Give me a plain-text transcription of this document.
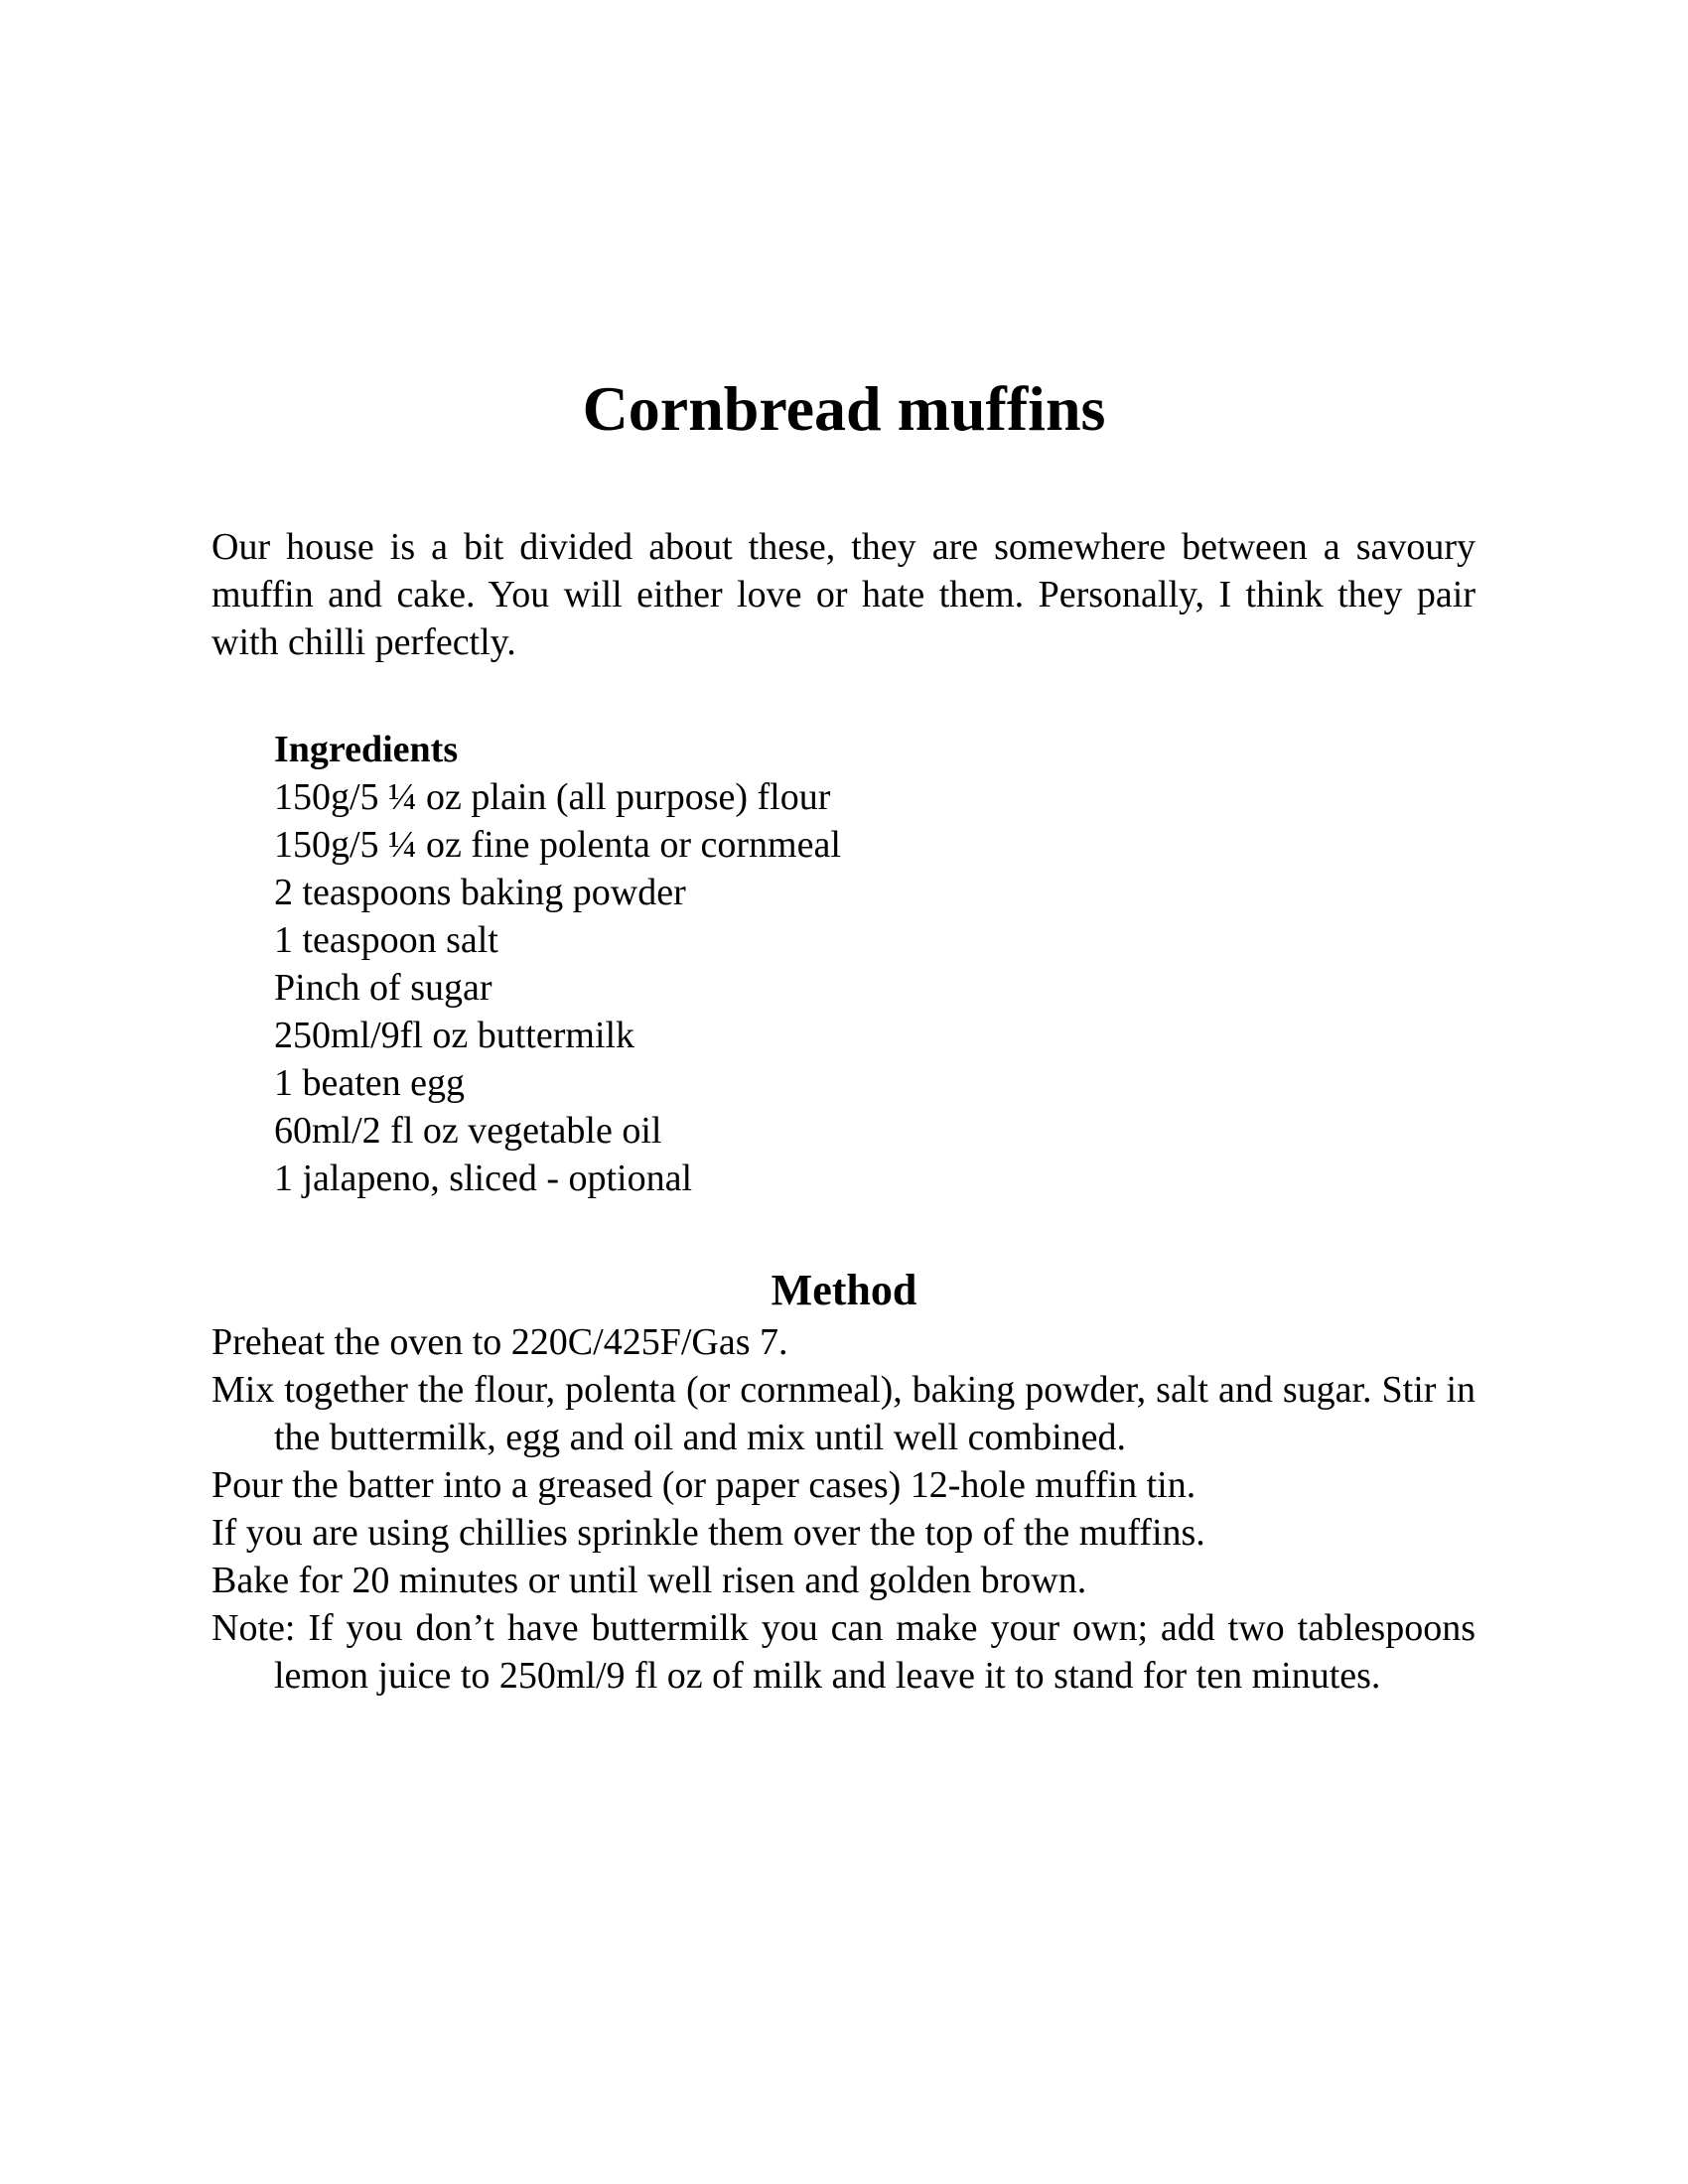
Cornbread muffins

Our house is a bit divided about these, they are somewhere between a savoury muffin and cake. You will either love or hate them. Personally, I think they pair with chilli perfectly.

Ingredients
150g/5 ¼ oz plain (all purpose) flour
150g/5 ¼ oz fine polenta or cornmeal
2 teaspoons baking powder
1 teaspoon salt
Pinch of sugar
250ml/9fl oz buttermilk
1 beaten egg
60ml/2 fl oz vegetable oil
1 jalapeno, sliced - optional
Method
Preheat the oven to 220C/425F/Gas 7.
Mix together the flour, polenta (or cornmeal), baking powder, salt and sugar. Stir in the buttermilk, egg and oil and mix until well combined.
Pour the batter into a greased (or paper cases) 12-hole muffin tin.
If you are using chillies sprinkle them over the top of the muffins.
Bake for 20 minutes or until well risen and golden brown.
Note: If you don’t have buttermilk you can make your own; add two tablespoons lemon juice to 250ml/9 fl oz of milk and leave it to stand for ten minutes.
